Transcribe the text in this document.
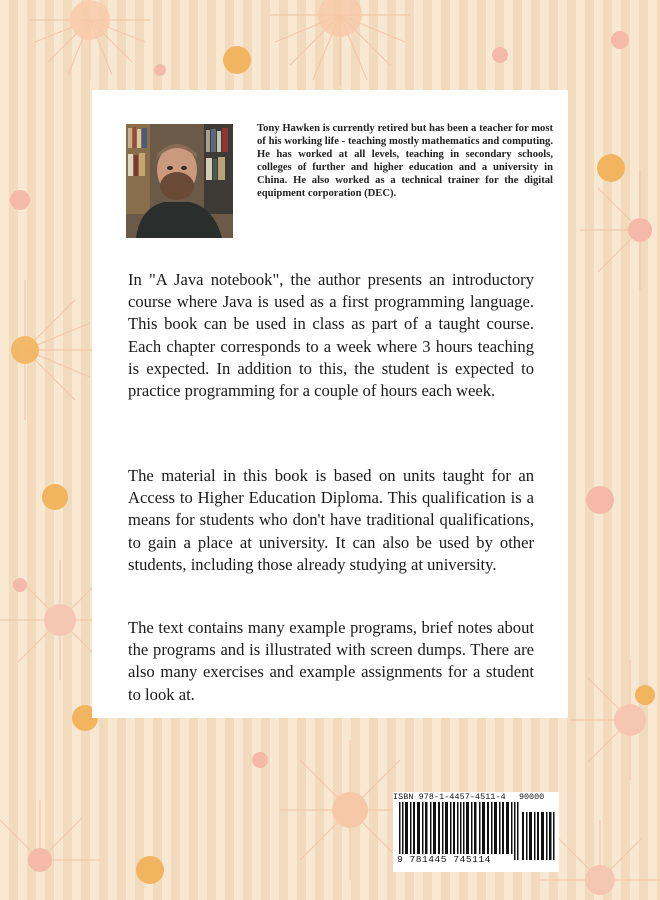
Tony Hawken is currently retired but has been a teacher for most of his working life - teaching mostly mathematics and computing. He has worked at all levels, teaching in secondary schools, colleges of further and higher education and a university in China. He also worked as a technical trainer for the digital equipment corporation (DEC).

In "A Java notebook", the author presents an introductory course where Java is used as a first programming language. This book can be used in class as part of a taught course. Each chapter corresponds to a week where 3 hours teaching is expected. In addition to this, the student is expected to practice programming for a couple of hours each week.

The material in this book is based on units taught for an Access to Higher Education Diploma. This qualification is a means for students who don't have traditional qualifications, to gain a place at university. It can also be used by other students, including those already studying at university.

The text contains many example programs, brief notes about the programs and is illustrated with screen dumps. There are also many exercises and example assignments for a student to look at.

ISBN 978-1-4457-4511-4 90000
9 781445 745114
